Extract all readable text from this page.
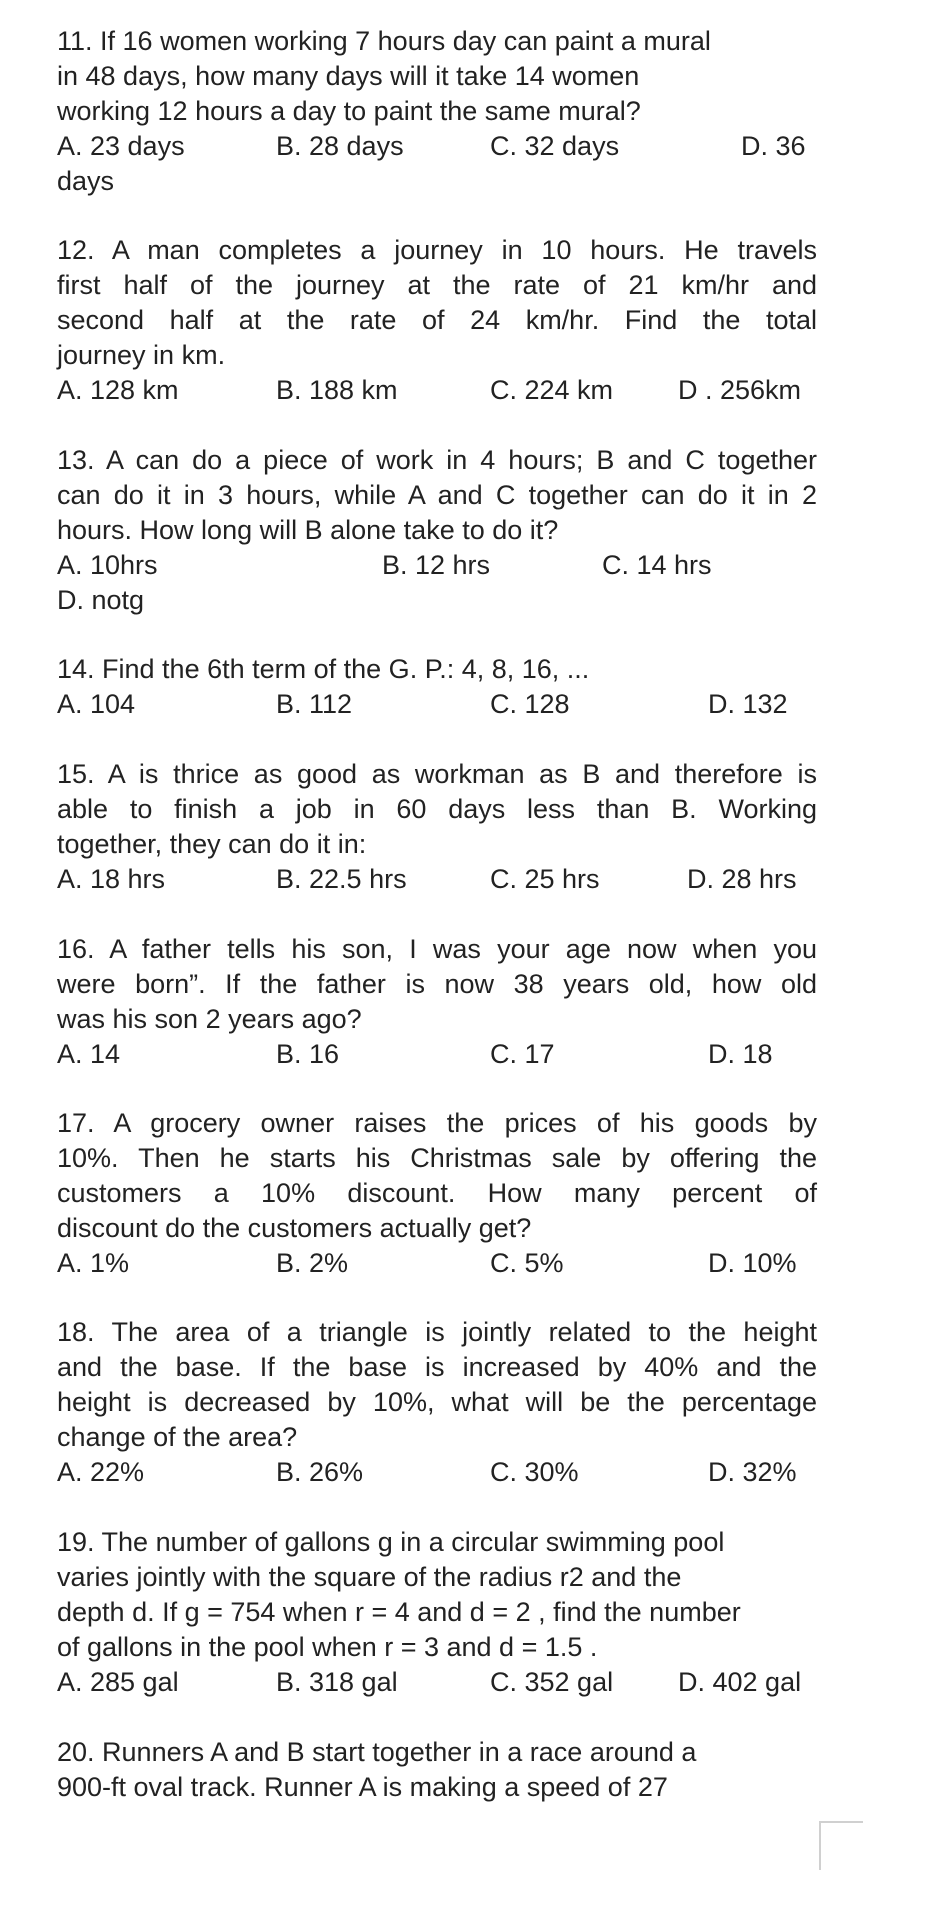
11. If 16 women working 7 hours day can paint a mural

in 48 days, how many days will it take 14 women

working 12 hours a day to paint the same mural?

A. 23 days	B. 28 days	C. 32 days	D. 36

days

12. A man completes a journey in 10 hours. He travels

first half of the journey at the rate of 21 km/hr and

second half at the rate of 24 km/hr. Find the total

journey in km.

A. 128 km	B. 188 km	C. 224 km D . 256km

13. A can do a piece of work in 4 hours; B and C together

can do it in 3 hours, while A and C together can do it in 2

hours. How long will B alone take to do it?

A. 10hrs	B. 12 hrs	C. 14 hrs

D. notg

14. Find the 6th term of the G. P.: 4, 8, 16, ...

A. 104	B. 112	C. 128	D. 132

15. A is thrice as good as workman as B and therefore is

able to finish a job in 60 days less than B. Working

together, they can do it in:

A. 18 hrs	B. 22.5 hrs	C. 25 hrs	D. 28 hrs

16. A father tells his son, I was your age now when you

were born”. If the father is now 38 years old, how old

was his son 2 years ago?

A. 14	B. 16	C. 17	D. 18

17. A grocery owner raises the prices of his goods by

10%. Then he starts his Christmas sale by offering the

customers a 10% discount. How many percent of

discount do the customers actually get?

A. 1%	B. 2%	C. 5%	D. 10%

18. The area of a triangle is jointly related to the height

and the base. If the base is increased by 40% and the

height is decreased by 10%, what will be the percentage

change of the area?

A. 22%	B. 26%	C. 30%	D. 32%

19. The number of gallons g in a circular swimming pool

varies jointly with the square of the radius r2 and the

depth d. If g = 754 when r = 4 and d = 2 , find the number

of gallons in the pool when r = 3 and d = 1.5 .

A. 285 gal	B. 318 gal	C. 352 gal D. 402 gal

20. Runners A and B start together in a race around a

900-ft oval track. Runner A is making a speed of 27
